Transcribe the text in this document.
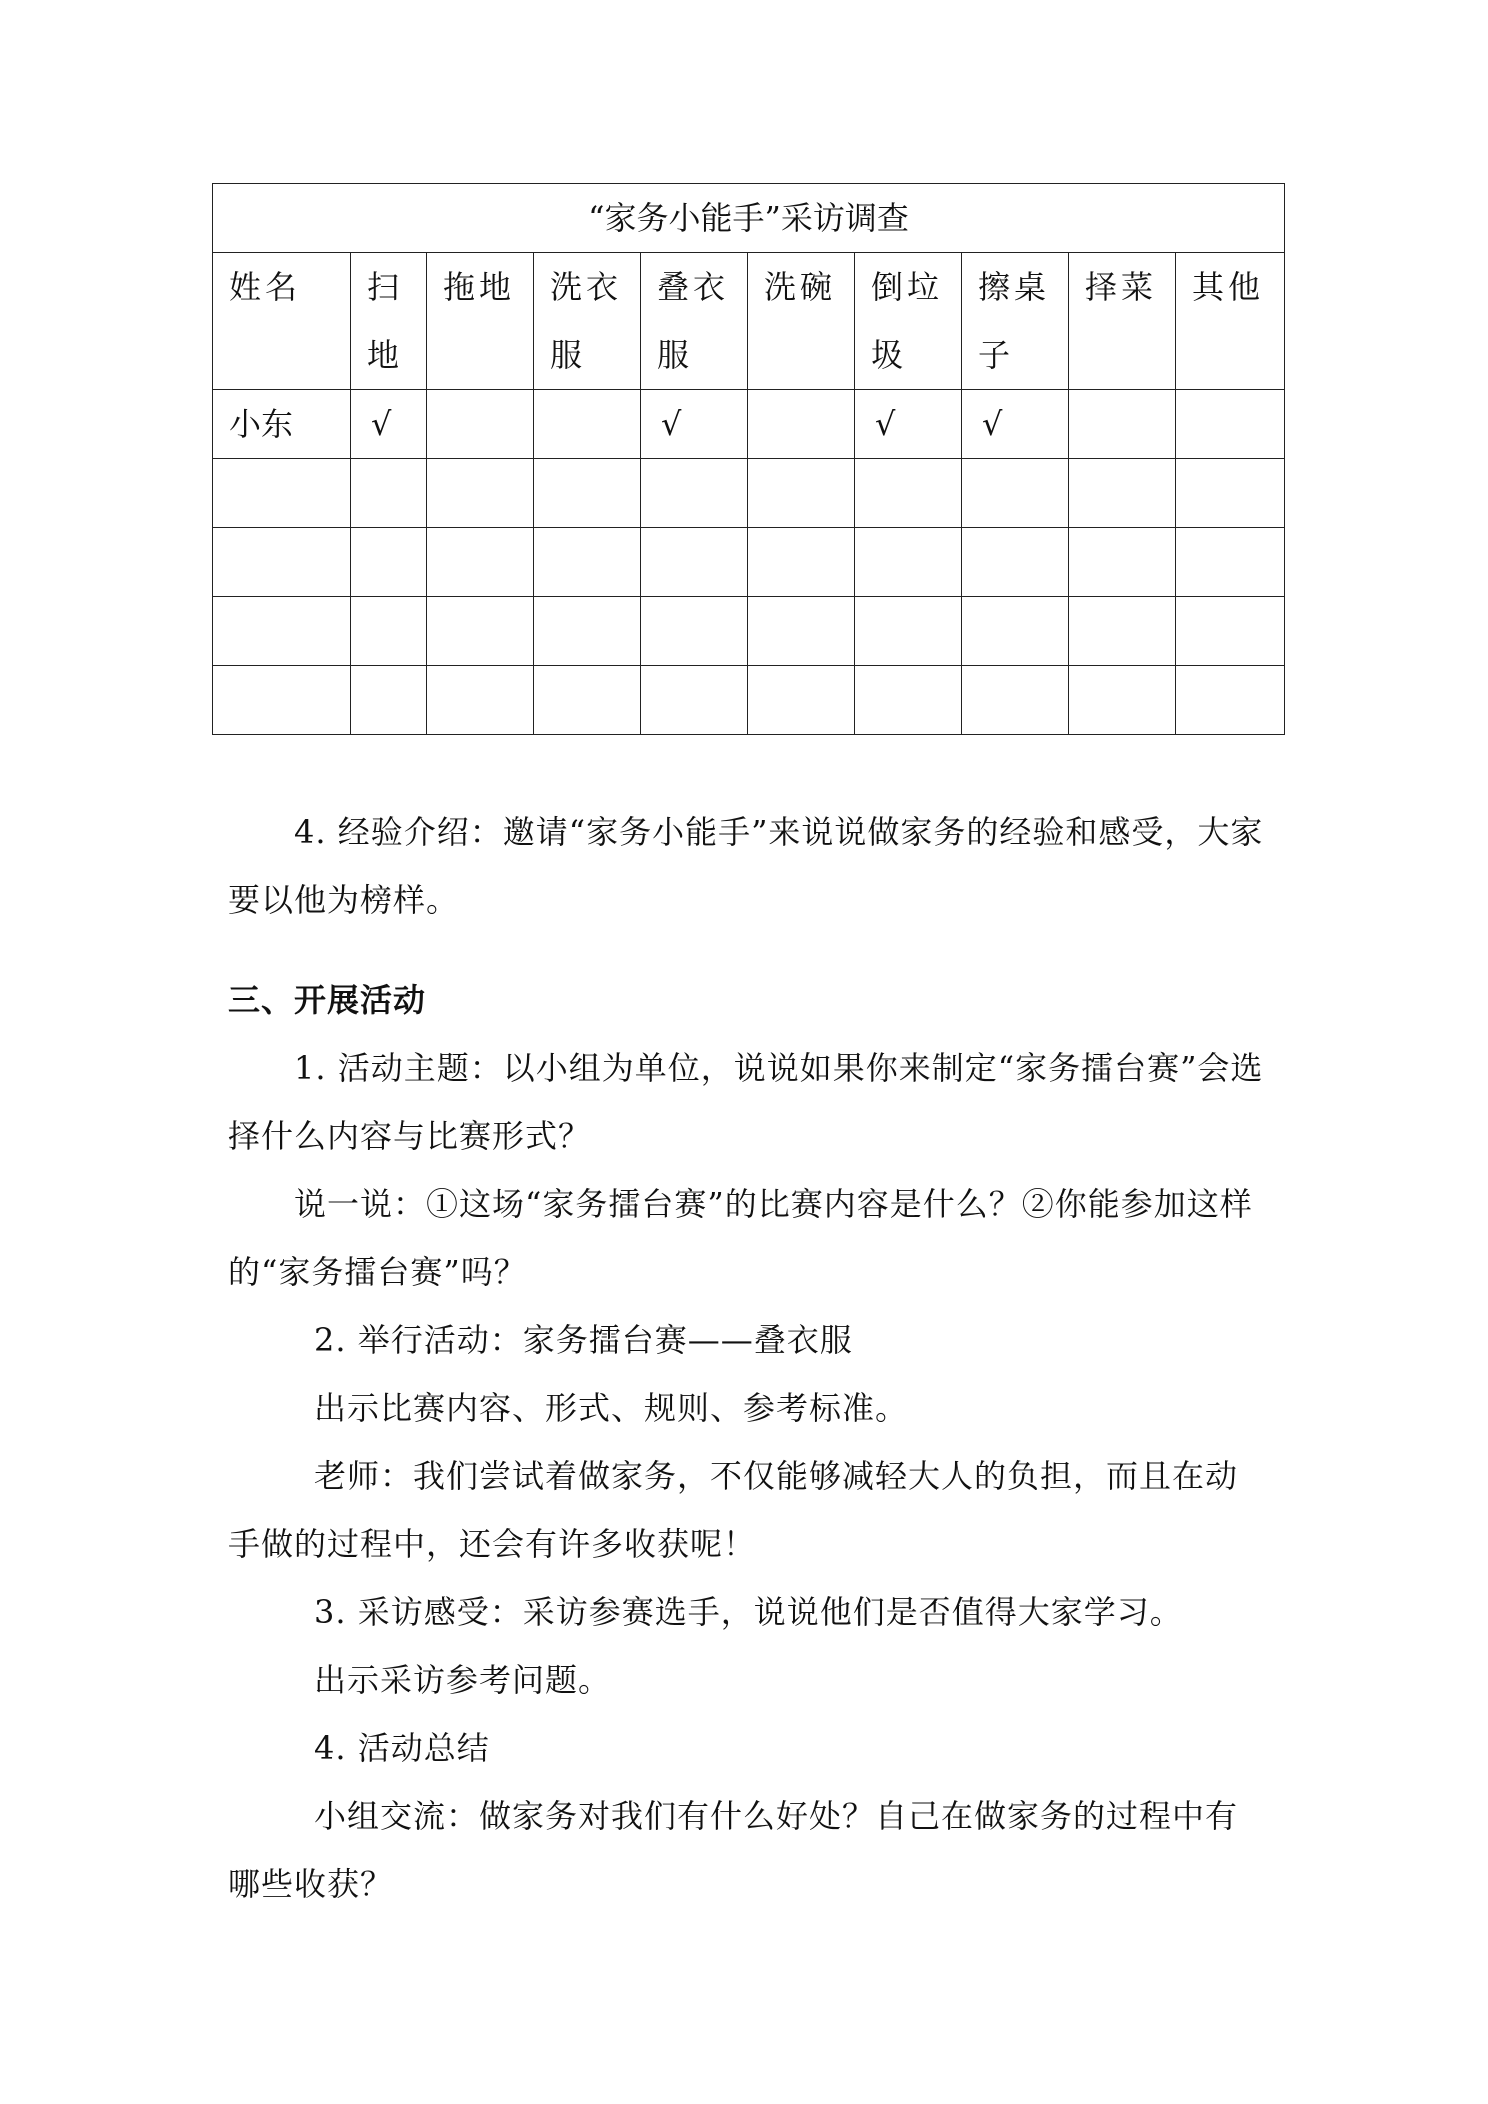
“家务小能手”采访调查									

姓名	扫地	拖地	洗衣服	叠衣服	洗碗	倒垃圾	擦桌子	择菜	其他

小东	√			√		√	√		

4. 经验介绍：邀请“家务小能手”来说说做家务的经验和感受，大家要以他为榜样。

三、开展活动

1. 活动主题：以小组为单位，说说如果你来制定“家务擂台赛”会选择什么内容与比赛形式？

说一说：①这场“家务擂台赛”的比赛内容是什么？②你能参加这样的“家务擂台赛”吗？

2. 举行活动：家务擂台赛——叠衣服

出示比赛内容、形式、规则、参考标准。

老师：我们尝试着做家务，不仅能够减轻大人的负担，而且在动手做的过程中，还会有许多收获呢！

3. 采访感受：采访参赛选手，说说他们是否值得大家学习。

出示采访参考问题。

4. 活动总结

小组交流：做家务对我们有什么好处？自己在做家务的过程中有哪些收获？
